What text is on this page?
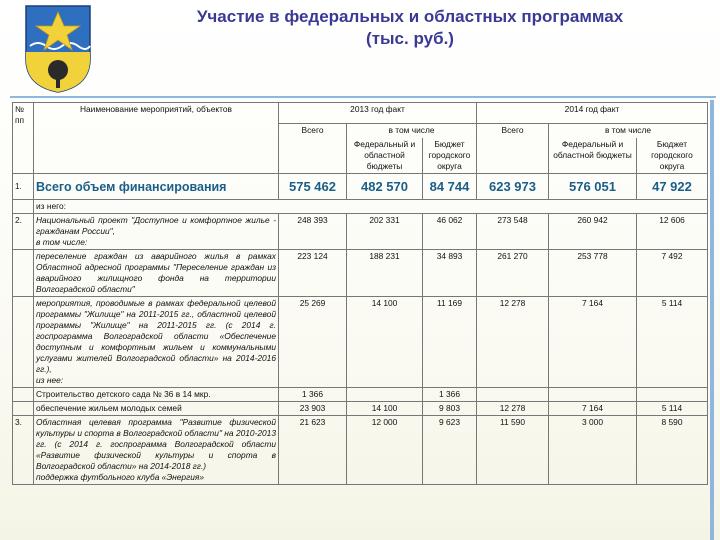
Участие в федеральных и областных программах
(тыс. руб.)
№ пп	Наименование мероприятий, объектов	2013 год факт			2014 год факт		
		Всего	в том числе		Всего	в том числе	
			Федеральный и областной бюджеты	Бюджет городского округа		Федеральный и областной бюджеты	Бюджет городского округа
1.	Всего объем финансирования	575 462	482 570	84 744	623 973	576 051	47 922
	из него:						
2.	Национальный проект "Доступное и комфортное жилье - гражданам России",
в том числе:	248 393	202 331	46 062	273 548	260 942	12 606
	переселение граждан из аварийного жилья в рамках Областной адресной программы "Переселение граждан из аварийного жилищного фонда на территории Волгоградской области"	223 124	188 231	34 893	261 270	253 778	7 492
	мероприятия, проводимые в рамках федеральной целевой программы "Жилище" на 2011-2015 гг., областной целевой программы "Жилище" на 2011-2015 гг. (с 2014 г. госпрограмма Волгоградской области «Обеспечение доступным и комфортным жильем и коммунальными услугами жителей Волгоградской области» на 2014-2016 гг.),
из нее:	25 269	14 100	11 169	12 278	7 164	5 114
	Строительство детского сада № 36 в 14 мкр.	1 366		1 366			
	обеспечение жильем молодых семей	23 903	14 100	9 803	12 278	7 164	5 114
3.	Областная целевая программа "Развитие физической культуры и спорта в Волгоградской области" на 2010-2013 гг. (с 2014 г. госпрограмма Волгоградской области «Развитие физической культуры и спорта в Волгоградской области» на 2014-2018 гг.)
поддержка футбольного клуба «Энергия»	21 623	12 000	9 623	11 590	3 000	8 590
